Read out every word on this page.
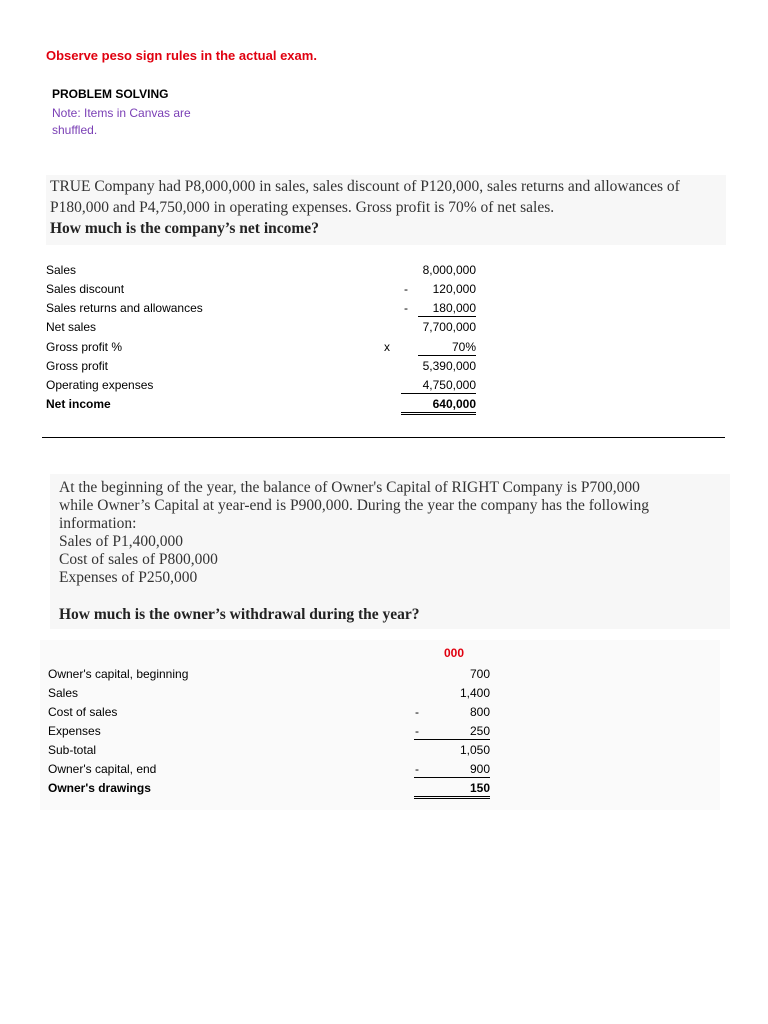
Observe peso sign rules in the actual exam.
PROBLEM SOLVING
Note: Items in Canvas are shuffled.

TRUE Company had P8,000,000 in sales, sales discount of P120,000, sales returns and allowances of P180,000 and P4,750,000 in operating expenses. Gross profit is 70% of net sales.

How much is the company’s net income?

Sales	8,000,000
Sales discount	-	120,000
Sales returns and allowances	-	180,000
Net sales	7,700,000
Gross profit %	x	70%
Gross profit	5,390,000
Operating expenses	4,750,000
Net income	640,000

At the beginning of the year, the balance of Owner's Capital of RIGHT Company is P700,000
while Owner’s Capital at year-end is P900,000. During the year the company has the following
information:
Sales of P1,400,000
Cost of sales of P800,000
Expenses of P250,000

How much is the owner’s withdrawal during the year?

000
Owner's capital, beginning	700
Sales	1,400
Cost of sales	-	800
Expenses	-	250
Sub-total	1,050
Owner's capital, end	-	900
Owner's drawings	150
